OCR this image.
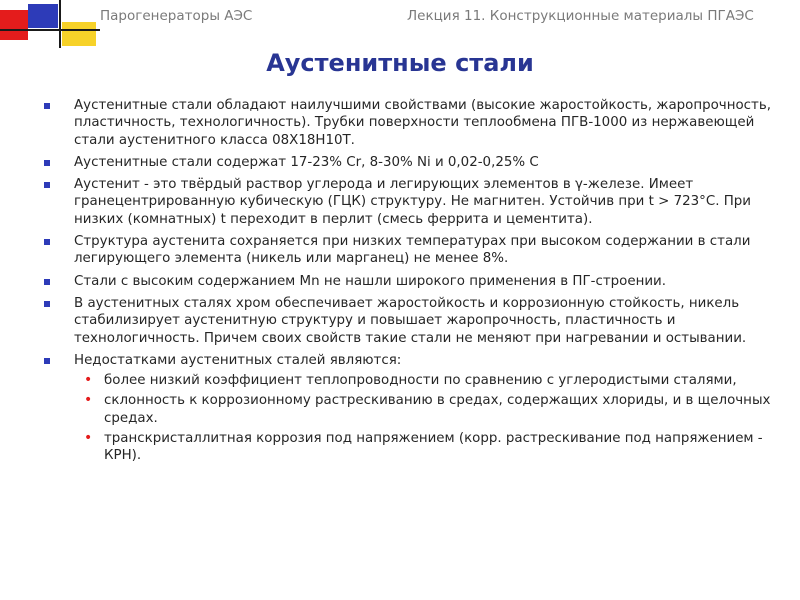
Парогенераторы АЭС	Лекция 11. Конструкционные материалы ПГАЭС
Аустенитные стали
Аустенитные стали обладают наилучшими свойствами (высокие жаростойкость, жаропрочность, пластичность, технологичность). Трубки поверхности теплообмена ПГВ-1000 из нержавеющей стали аустенитного класса 08Х18Н10Т.
Аустенитные стали содержат 17-23% Cr, 8-30% Ni и 0,02-0,25% C
Аустенит - это твёрдый раствор углерода и легирующих элементов в γ-железе. Имеет гранецентрированную кубическую (ГЦК) структуру. Не магнитен. Устойчив при t > 723°С. При низких (комнатных) t переходит в перлит (смесь феррита и цементита).
Структура аустенита сохраняется при низких температурах при высоком содержании в стали легирующего элемента (никель или марганец) не менее 8%.
Стали с высоким содержанием Mn не нашли широкого применения в ПГ-строении.
В аустенитных сталях хром обеспечивает жаростойкость и коррозионную стойкость, никель стабилизирует аустенитную структуру и повышает жаропрочность, пластичность и технологичность. Причем своих свойств такие стали не меняют при нагревании и остывании.
Недостатками аустенитных сталей являются:
• более низкий коэффициент теплопроводности по сравнению с углеродистыми сталями,
• склонность к коррозионному растрескиванию в средах, содержащих хлориды, и в щелочных средах.
• транскристаллитная коррозия под напряжением (корр. растрескивание под напряжением - КРН).
